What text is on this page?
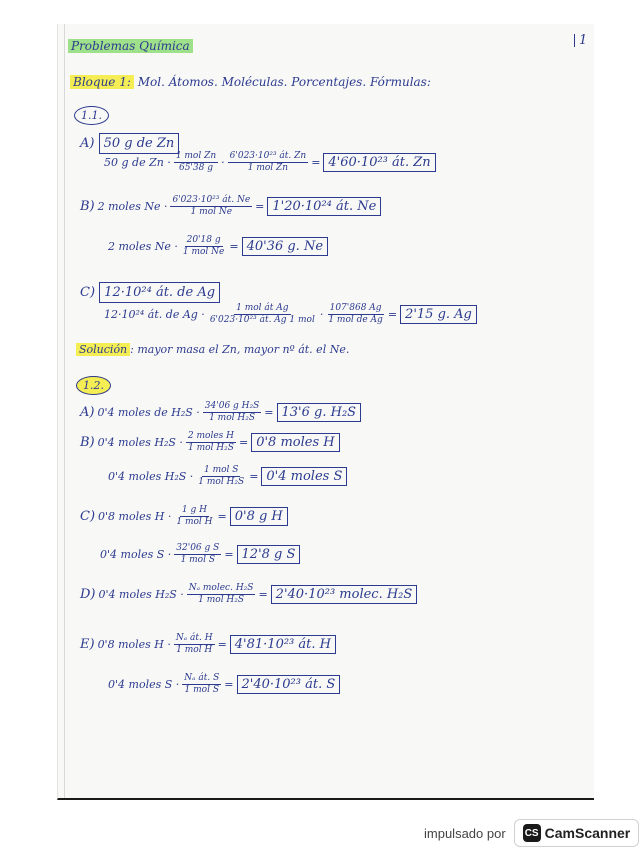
Problemas Química	1
Bloque 1: Mol. Átomos. Moléculas. Porcentajes. Fórmulas:
1.1.
A) 50 g de Zn
50 g de $Zn \cdot \frac{\text{1 mol Zn}}{65'38 g} \cdot \frac{\text{6'023·10²³ át. Zn}}{\text{1 mol Zn}} = 4'60\cdot 10^{23}$ át. Zn
B) 2 moles $Ne \cdot \frac{\text{6'023·10²³ át. Ne}}{\text{1 mol Ne}} = 1'20\cdot 10^{24}$ át. Ne
2 moles $Ne \cdot \frac{20'18 g}{\text{1 mol Ne}} = 40'36$ g. Ne
C) 12·10²⁴ át. de Ag
12·10²⁴ át. de $Ag \cdot \frac{\text{1 mol át Ag}}{\text{6'023·10²³ át. Ag 1 mol}} \cdot \frac{107'868 Ag}{\text{1 mol de Ag}} = 2'15$ g. Ag
Solución : mayor masa el Zn, mayor nº át. el Ne.
1.2.
A) 0'4 moles de $H_2S \cdot \frac{\text{34'06 g H₂S}}{\text{1 mol H₂S}} = 13'6$ g. H₂S
B) 0'4 moles $H_2S \cdot \frac{\text{2 moles H}}{\text{1 mol H₂S}} = 0'8$ moles H
0'4 moles $H_2S \cdot \frac{\text{1 mol S}}{\text{1 mol H₂S}} = 0'4$ moles S
C) 0'8 moles $H \cdot \frac{\text{1 g H}}{\text{1 mol H}} = 0'8$ g H
0'4 moles $S \cdot \frac{\text{32'06 g S}}{\text{1 mol S}} = 12'8$ g S
D) 0'4 moles $H_2S \cdot \frac{\text{Nₐ molec. H₂S}}{\text{1 mol H₂S}} = 2'40\cdot 10^{23}$ molec. H₂S
E) 0'8 moles $H \cdot \frac{\text{Nₐ át. H}}{\text{1 mol H}} = 4'81\cdot 10^{23}$ át. H
0'4 moles $S \cdot \frac{\text{Nₐ át. S}}{\text{1 mol S}} = 2'40\cdot 10^{23}$ át. S
impulsado por CS CamScanner
